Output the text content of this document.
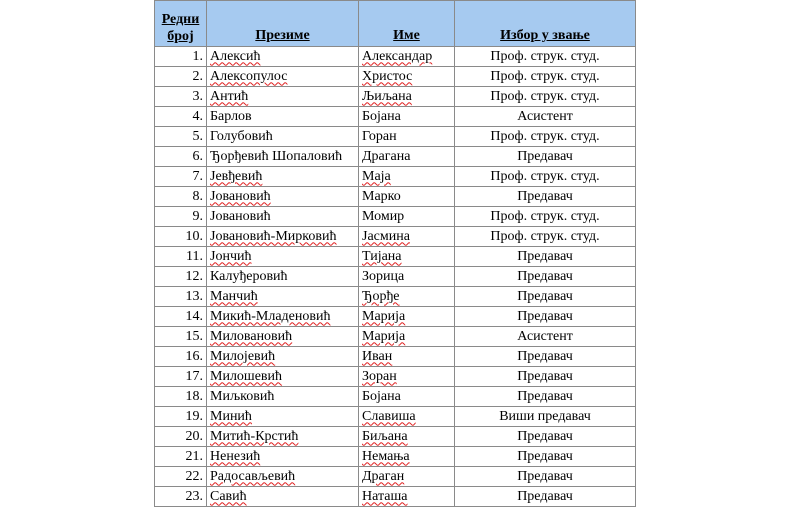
Редни
број	Презиме	Име	Избор у звање
1.	Алексић	Александар	Проф. струк. студ.
2.	Алексопулос	Христос	Проф. струк. студ.
3.	Антић	Љиљана	Проф. струк. студ.
4.	Барлов	Бојана	Асистент
5.	Голубовић	Горан	Проф. струк. студ.
6.	Ђорђевић Шопаловић	Драгана	Предавач
7.	Јевђевић	Маја	Проф. струк. студ.
8.	Јовановић	Марко	Предавач
9.	Јовановић	Момир	Проф. струк. студ.
10.	Јовановић-Мирковић	Јасмина	Проф. струк. студ.
11.	Јончић	Тијана	Предавач
12.	Калуђеровић	Зорица	Предавач
13.	Манчић	Ђорђе	Предавач
14.	Микић-Младеновић	Марија	Предавач
15.	Миловановић	Марија	Асистент
16.	Милојевић	Иван	Предавач
17.	Милошевић	Зоран	Предавач
18.	Миљковић	Бојана	Предавач
19.	Минић	Славиша	Виши предавач
20.	Митић-Крстић	Биљана	Предавач
21.	Ненезић	Немања	Предавач
22.	Радосављевић	Драган	Предавач
23.	Савић	Наташа	Предавач
